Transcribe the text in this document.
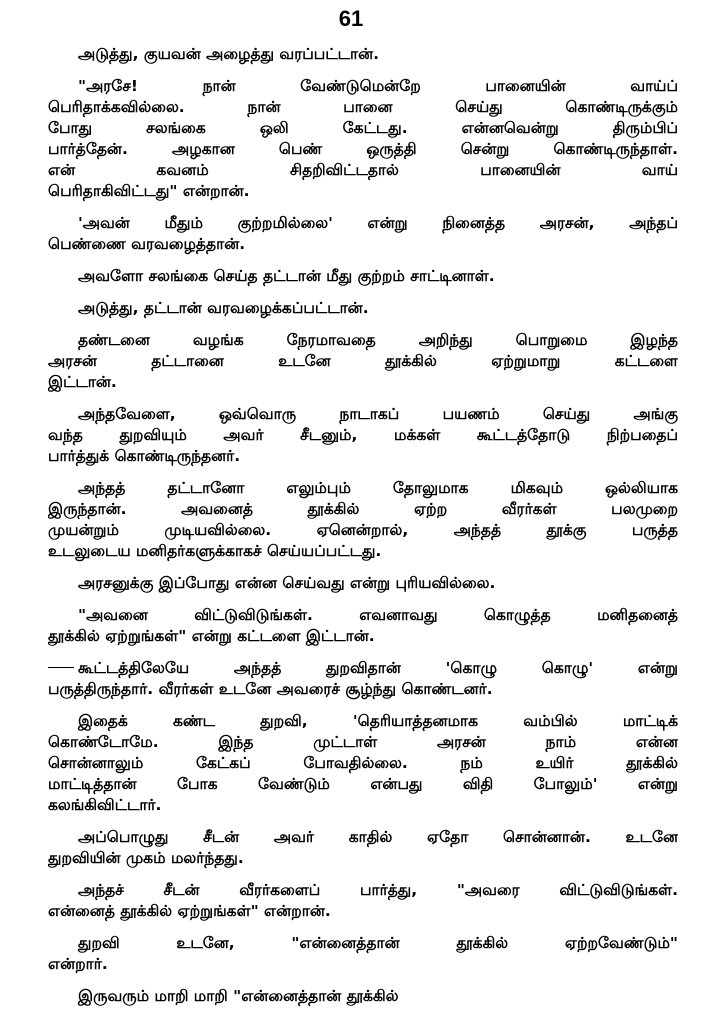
61

அடுத்து, குயவன் அழைத்து வரப்பட்டான்.

"அரசே! நான் வேண்டுமென்றே பானையின் வாய்ப்
பெரிதாக்கவில்லை. நான் பானை செய்து கொண்டிருக்கும்
போது சலங்கை ஒலி கேட்டது. என்னவென்று திரும்பிப்
பார்த்தேன். அழகான பெண் ஒருத்தி சென்று கொண்டிருந்தாள்.
என் கவனம் சிதறிவிட்டதால் பானையின் வாய்
பெரிதாகிவிட்டது" என்றான்.

'அவன் மீதும் குற்றமில்லை' என்று நினைத்த அரசன், அந்தப்
பெண்ணை வரவழைத்தான்.

அவளோ சலங்கை செய்த தட்டான் மீது குற்றம் சாட்டினாள்.

அடுத்து, தட்டான் வரவழைக்கப்பட்டான்.

தண்டனை வழங்க நேரமாவதை அறிந்து பொறுமை இழந்த
அரசன் தட்டானை உடனே தூக்கில் ஏற்றுமாறு கட்டளை
இட்டான்.

அந்தவேளை, ஒவ்வொரு நாடாகப் பயணம் செய்து அங்கு
வந்த துறவியும் அவர் சீடனும், மக்கள் கூட்டத்தோடு நிற்பதைப்
பார்த்துக் கொண்டிருந்தனர்.

அந்தத் தட்டானோ எலும்பும் தோலுமாக மிகவும் ஒல்லியாக
இருந்தான். அவனைத் தூக்கில் ஏற்ற வீரர்கள் பலமுறை
முயன்றும் முடியவில்லை. ஏனென்றால், அந்தத் தூக்கு பருத்த
உடலுடைய மனிதர்களுக்காகச் செய்யப்பட்டது.

அரசனுக்கு இப்போது என்ன செய்வது என்று புரியவில்லை.

"அவனை விட்டுவிடுங்கள். எவனாவது கொழுத்த மனிதனைத்
தூக்கில் ஏற்றுங்கள்" என்று கட்டளை இட்டான்.

கூட்டத்திலேயே அந்தத் துறவிதான் 'கொழு கொழு' என்று
பருத்திருந்தார். வீரர்கள் உடனே அவரைச் சூழ்ந்து கொண்டனர்.

இதைக் கண்ட துறவி, 'தெரியாத்தனமாக வம்பில் மாட்டிக்
கொண்டோமே. இந்த முட்டாள் அரசன் நாம் என்ன
சொன்னாலும் கேட்கப் போவதில்லை. நம் உயிர் தூக்கில்
மாட்டித்தான் போக வேண்டும் என்பது விதி போலும்' என்று
கலங்கிவிட்டார்.

அப்பொழுது சீடன் அவர் காதில் ஏதோ சொன்னான். உடனே
துறவியின் முகம் மலர்ந்தது.

அந்தச் சீடன் வீரர்களைப் பார்த்து, "அவரை விட்டுவிடுங்கள்.
என்னைத் தூக்கில் ஏற்றுங்கள்" என்றான்.

துறவி உடனே, "என்னைத்தான் தூக்கில் ஏற்றவேண்டும்"
என்றார்.

இருவரும் மாறி மாறி "என்னைத்தான் தூக்கில்
